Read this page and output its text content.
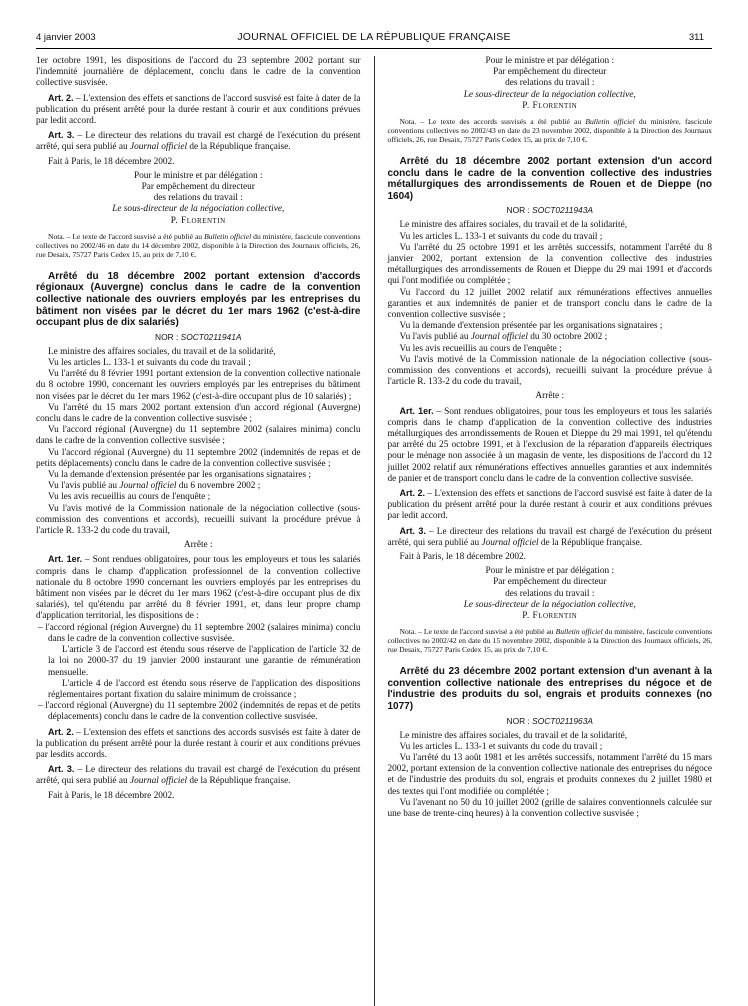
4 janvier 2003	JOURNAL OFFICIEL DE LA RÉPUBLIQUE FRANÇAISE	311

1er octobre 1991, les dispositions de l'accord du 23 septembre 2002 portant sur l'indemnité journalière de déplacement, conclu dans le cadre de la convention collective susvisée.

Art. 2. – L'extension des effets et sanctions de l'accord susvisé est faite à dater de la publication du présent arrêté pour la durée restant à courir et aux conditions prévues par ledit accord.

Art. 3. – Le directeur des relations du travail est chargé de l'exécution du présent arrêté, qui sera publié au Journal officiel de la République française.

Fait à Paris, le 18 décembre 2002.

Pour le ministre et par délégation :
Par empêchement du directeur
des relations du travail :
Le sous-directeur de la négociation collective,
P. Florentin

Nota. – Le texte de l'accord susvisé a été publié au Bulletin officiel du ministère, fascicule conventions collectives no 2002/46 en date du 14 décembre 2002, disponible à la Direction des Journaux officiels, 26, rue Desaix, 75727 Paris Cedex 15, au prix de 7,10 €.

Arrêté du 18 décembre 2002 portant extension d'accords régionaux (Auvergne) conclus dans le cadre de la convention collective nationale des ouvriers employés par les entreprises du bâtiment non visées par le décret du 1er mars 1962 (c'est-à-dire occupant plus de dix salariés)

NOR : SOCT0211941A

Le ministre des affaires sociales, du travail et de la solidarité,

Vu les articles L. 133-1 et suivants du code du travail ;

Vu l'arrêté du 8 février 1991 portant extension de la convention collective nationale du 8 octobre 1990, concernant les ouvriers employés par les entreprises du bâtiment non visées par le décret du 1er mars 1962 (c'est-à-dire occupant plus de 10 salariés) ;

Vu l'arrêté du 15 mars 2002 portant extension d'un accord régional (Auvergne) conclu dans le cadre de la convention collective susvisée ;

Vu l'accord régional (Auvergne) du 11 septembre 2002 (salaires minima) conclu dans le cadre de la convention collective susvisée ;

Vu l'accord régional (Auvergne) du 11 septembre 2002 (indemnités de repas et de petits déplacements) conclu dans le cadre de la convention collective susvisée ;

Vu la demande d'extension présentée par les organisations signataires ;

Vu l'avis publié au Journal officiel du 6 novembre 2002 ;

Vu les avis recueillis au cours de l'enquête ;

Vu l'avis motivé de la Commission nationale de la négociation collective (sous-commission des conventions et accords), recueilli suivant la procédure prévue à l'article R. 133-2 du code du travail,

Arrête :

Art. 1er. – Sont rendues obligatoires, pour tous les employeurs et tous les salariés compris dans le champ d'application professionnel de la convention collective nationale du 8 octobre 1990 concernant les ouvriers employés par les entreprises du bâtiment non visées par le décret du 1er mars 1962 (c'est-à-dire occupant plus de dix salariés), tel qu'étendu par arrêté du 8 février 1991, et, dans leur propre champ d'application territorial, les dispositions de :

– l'accord régional (région Auvergne) du 11 septembre 2002 (salaires minima) conclu dans le cadre de la convention collective susvisée.

L'article 3 de l'accord est étendu sous réserve de l'application de l'article 32 de la loi no 2000-37 du 19 janvier 2000 instaurant une garantie de rémunération mensuelle.

L'article 4 de l'accord est étendu sous réserve de l'application des dispositions réglementaires portant fixation du salaire minimum de croissance ;

– l'accord régional (Auvergne) du 11 septembre 2002 (indemnités de repas et de petits déplacements) conclu dans le cadre de la convention collective susvisée.

Art. 2. – L'extension des effets et sanctions des accords susvisés est faite à dater de la publication du présent arrêté pour la durée restant à courir et aux conditions prévues par lesdits accords.

Art. 3. – Le directeur des relations du travail est chargé de l'exécution du présent arrêté, qui sera publié au Journal officiel de la République française.

Fait à Paris, le 18 décembre 2002.

Pour le ministre et par délégation :
Par empêchement du directeur
des relations du travail :
Le sous-directeur de la négociation collective,
P. Florentin

Nota. – Le texte des accords susvisés a été publié au Bulletin officiel du ministère, fascicule conventions collectives no 2002/43 en date du 23 novembre 2002, disponible à la Direction des Journaux officiels, 26, rue Desaix, 75727 Paris Cedex 15, au prix de 7,10 €.

Arrêté du 18 décembre 2002 portant extension d'un accord conclu dans le cadre de la convention collective des industries métallurgiques des arrondissements de Rouen et de Dieppe (no 1604)

NOR : SOCT0211943A

Le ministre des affaires sociales, du travail et de la solidarité,

Vu les articles L. 133-1 et suivants du code du travail ;

Vu l'arrêté du 25 octobre 1991 et les arrêtés successifs, notamment l'arrêté du 8 janvier 2002, portant extension de la convention collective des industries métallurgiques des arrondissements de Rouen et Dieppe du 29 mai 1991 et d'accords qui l'ont modifiée ou complétée ;

Vu l'accord du 12 juillet 2002 relatif aux rémunérations effectives annuelles garanties et aux indemnités de panier et de transport conclu dans le cadre de la convention collective susvisée ;

Vu la demande d'extension présentée par les organisations signataires ;

Vu l'avis publié au Journal officiel du 30 octobre 2002 ;

Vu les avis recueillis au cours de l'enquête ;

Vu l'avis motivé de la Commission nationale de la négociation collective (sous-commission des conventions et accords), recueilli suivant la procédure prévue à l'article R. 133-2 du code du travail,

Arrête :

Art. 1er. – Sont rendues obligatoires, pour tous les employeurs et tous les salariés compris dans le champ d'application de la convention collective des industries métallurgiques des arrondissements de Rouen et Dieppe du 29 mai 1991, tel qu'étendu par arrêté du 25 octobre 1991, et à l'exclusion de la réparation d'appareils électriques pour le ménage non associée à un magasin de vente, les dispositions de l'accord du 12 juillet 2002 relatif aux rémunérations effectives annuelles garanties et aux indemnités de panier et de transport conclu dans le cadre de la convention collective susvisée.

Art. 2. – L'extension des effets et sanctions de l'accord susvisé est faite à dater de la publication du présent arrêté pour la durée restant à courir et aux conditions prévues par ledit accord.

Art. 3. – Le directeur des relations du travail est chargé de l'exécution du présent arrêté, qui sera publié au Journal officiel de la République française.

Fait à Paris, le 18 décembre 2002.

Pour le ministre et par délégation :
Par empêchement du directeur
des relations du travail :
Le sous-directeur de la négociation collective,
P. Florentin

Nota. – Le texte de l'accord susvisé a été publié au Bulletin officiel du ministère, fascicule conventions collectives no 2002/42 en date du 15 novembre 2002, disponible à la Direction des Journaux officiels, 26, rue Desaix, 75727 Paris Cedex 15, au prix de 7,10 €.

Arrêté du 23 décembre 2002 portant extension d'un avenant à la convention collective nationale des entreprises du négoce et de l'industrie des produits du sol, engrais et produits connexes (no 1077)

NOR : SOCT0211963A

Le ministre des affaires sociales, du travail et de la solidarité,

Vu les articles L. 133-1 et suivants du code du travail ;

Vu l'arrêté du 13 août 1981 et les arrêtés successifs, notamment l'arrêté du 15 mars 2002, portant extension de la convention collective nationale des entreprises du négoce et de l'industrie des produits du sol, engrais et produits connexes du 2 juillet 1980 et des textes qui l'ont modifiée ou complétée ;

Vu l'avenant no 50 du 10 juillet 2002 (grille de salaires conventionnels calculée sur une base de trente-cinq heures) à la convention collective susvisée ;
